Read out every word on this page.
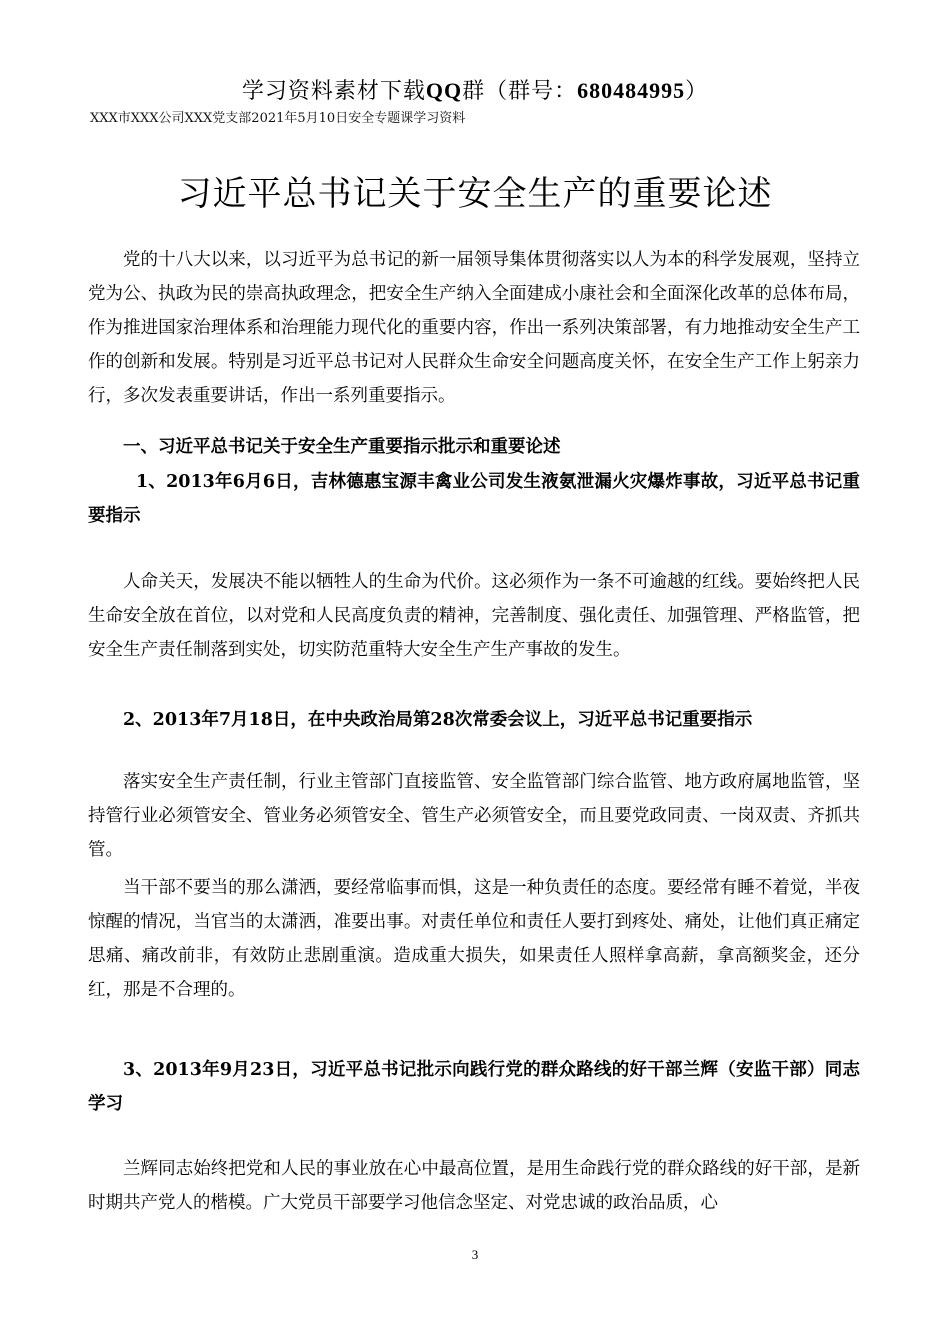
学习资料素材下载QQ群（群号：680484995）
XXX市XXX公司XXX党支部2021年5月10日安全专题课学习资料
习近平总书记关于安全生产的重要论述

党的十八大以来，以习近平为总书记的新一届领导集体贯彻落实以人为本的科学发展观，坚持立党为公、执政为民的崇高执政理念，把安全生产纳入全面建成小康社会和全面深化改革的总体布局，作为推进国家治理体系和治理能力现代化的重要内容，作出一系列决策部署，有力地推动安全生产工作的创新和发展。特别是习近平总书记对人民群众生命安全问题高度关怀，在安全生产工作上躬亲力行，多次发表重要讲话，作出一系列重要指示。

一、习近平总书记关于安全生产重要指示批示和重要论述

1、2013年6月6日，吉林德惠宝源丰禽业公司发生液氨泄漏火灾爆炸事故，习近平总书记重要指示

人命关天，发展决不能以牺牲人的生命为代价。这必须作为一条不可逾越的红线。要始终把人民生命安全放在首位，以对党和人民高度负责的精神，完善制度、强化责任、加强管理、严格监管，把安全生产责任制落到实处，切实防范重特大安全生产生产事故的发生。

2、2013年7月18日，在中央政治局第28次常委会议上，习近平总书记重要指示

落实安全生产责任制，行业主管部门直接监管、安全监管部门综合监管、地方政府属地监管，坚持管行业必须管安全、管业务必须管安全、管生产必须管安全，而且要党政同责、一岗双责、齐抓共管。

当干部不要当的那么潇洒，要经常临事而惧，这是一种负责任的态度。要经常有睡不着觉，半夜惊醒的情况，当官当的太潇洒，准要出事。对责任单位和责任人要打到疼处、痛处，让他们真正痛定思痛、痛改前非，有效防止悲剧重演。造成重大损失，如果责任人照样拿高薪，拿高额奖金，还分红，那是不合理的。

3、2013年9月23日，习近平总书记批示向践行党的群众路线的好干部兰辉（安监干部）同志学习

兰辉同志始终把党和人民的事业放在心中最高位置，是用生命践行党的群众路线的好干部，是新时期共产党人的楷模。广大党员干部要学习他信念坚定、对党忠诚的政治品质，心

3
